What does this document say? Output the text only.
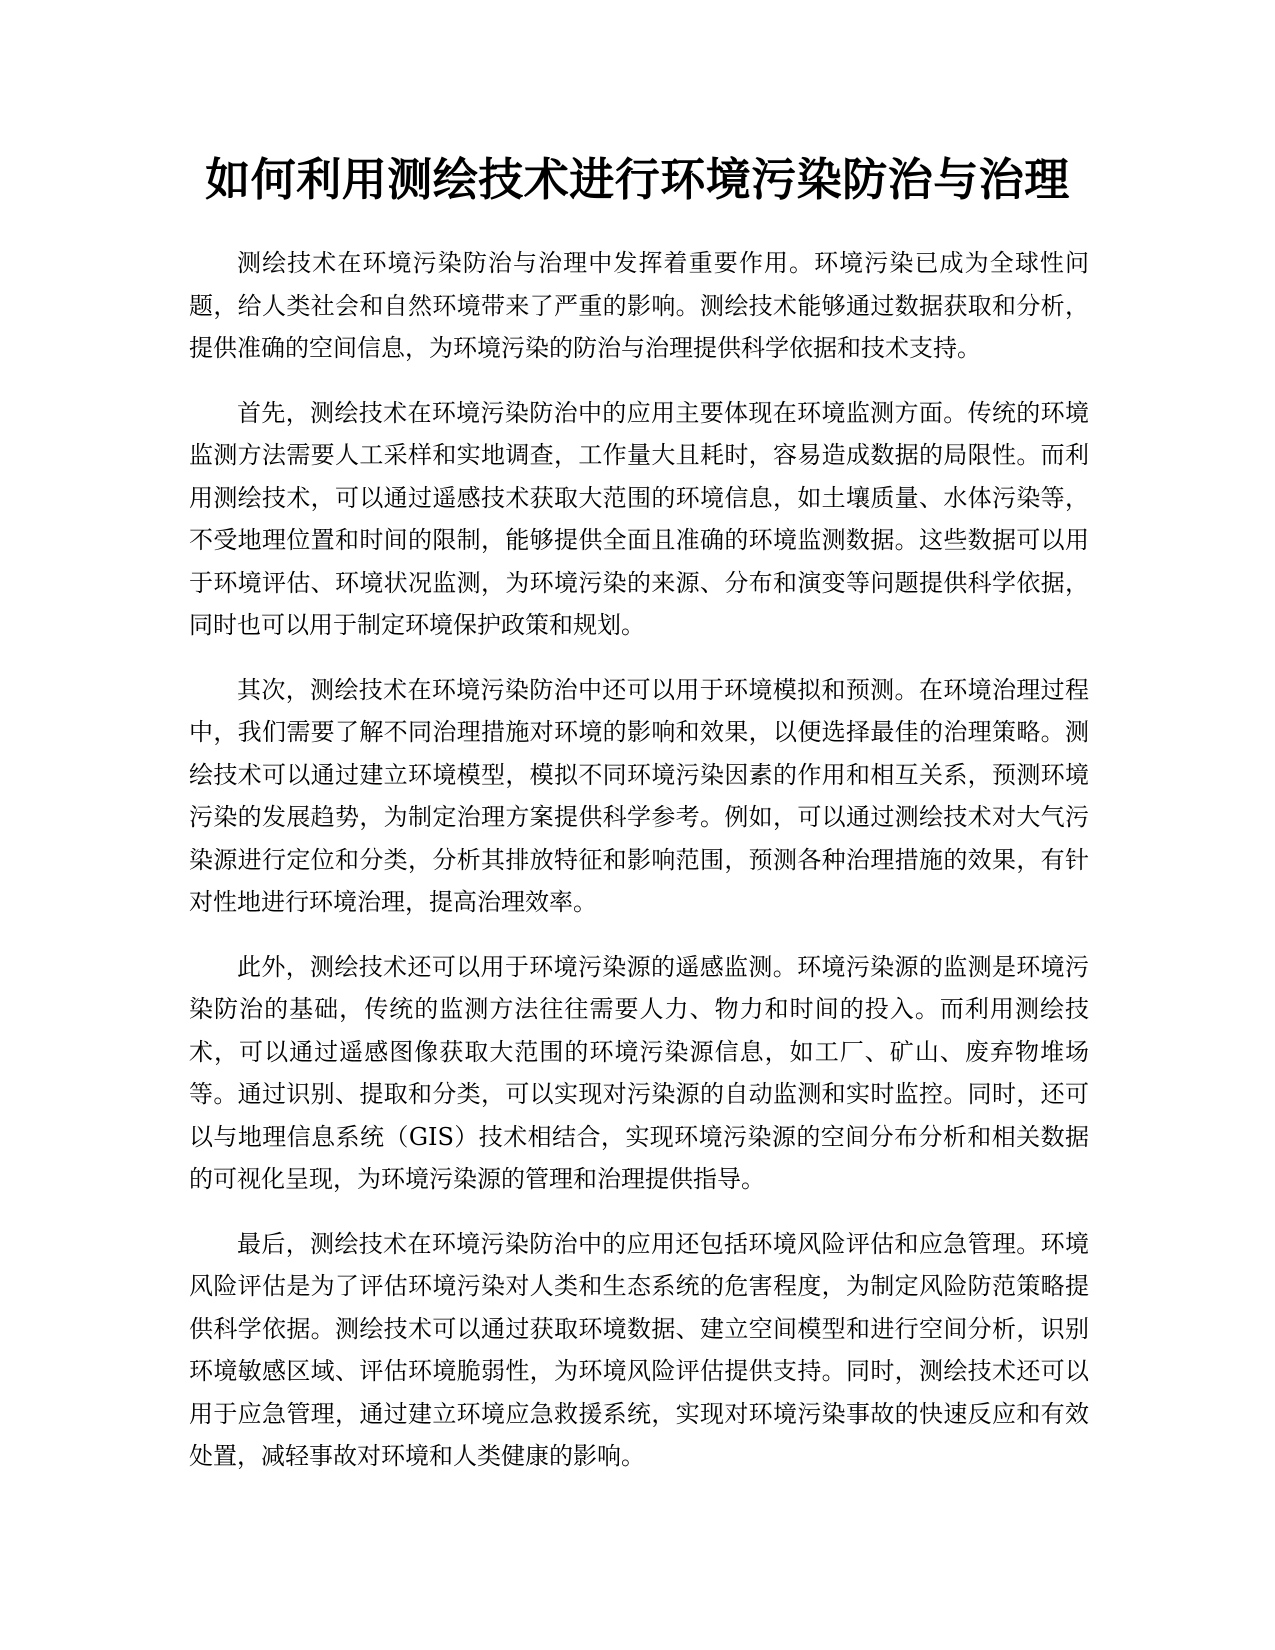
如何利用测绘技术进行环境污染防治与治理

测绘技术在环境污染防治与治理中发挥着重要作用。环境污染已成为全球性问题，给人类社会和自然环境带来了严重的影响。测绘技术能够通过数据获取和分析，提供准确的空间信息，为环境污染的防治与治理提供科学依据和技术支持。

首先，测绘技术在环境污染防治中的应用主要体现在环境监测方面。传统的环境监测方法需要人工采样和实地调查，工作量大且耗时，容易造成数据的局限性。而利用测绘技术，可以通过遥感技术获取大范围的环境信息，如土壤质量、水体污染等，不受地理位置和时间的限制，能够提供全面且准确的环境监测数据。这些数据可以用于环境评估、环境状况监测，为环境污染的来源、分布和演变等问题提供科学依据，同时也可以用于制定环境保护政策和规划。

其次，测绘技术在环境污染防治中还可以用于环境模拟和预测。在环境治理过程中，我们需要了解不同治理措施对环境的影响和效果，以便选择最佳的治理策略。测绘技术可以通过建立环境模型，模拟不同环境污染因素的作用和相互关系，预测环境污染的发展趋势，为制定治理方案提供科学参考。例如，可以通过测绘技术对大气污染源进行定位和分类，分析其排放特征和影响范围，预测各种治理措施的效果，有针对性地进行环境治理，提高治理效率。

此外，测绘技术还可以用于环境污染源的遥感监测。环境污染源的监测是环境污染防治的基础，传统的监测方法往往需要人力、物力和时间的投入。而利用测绘技术，可以通过遥感图像获取大范围的环境污染源信息，如工厂、矿山、废弃物堆场等。通过识别、提取和分类，可以实现对污染源的自动监测和实时监控。同时，还可以与地理信息系统（GIS）技术相结合，实现环境污染源的空间分布分析和相关数据的可视化呈现，为环境污染源的管理和治理提供指导。

最后，测绘技术在环境污染防治中的应用还包括环境风险评估和应急管理。环境风险评估是为了评估环境污染对人类和生态系统的危害程度，为制定风险防范策略提供科学依据。测绘技术可以通过获取环境数据、建立空间模型和进行空间分析，识别环境敏感区域、评估环境脆弱性，为环境风险评估提供支持。同时，测绘技术还可以用于应急管理，通过建立环境应急救援系统，实现对环境污染事故的快速反应和有效处置，减轻事故对环境和人类健康的影响。
